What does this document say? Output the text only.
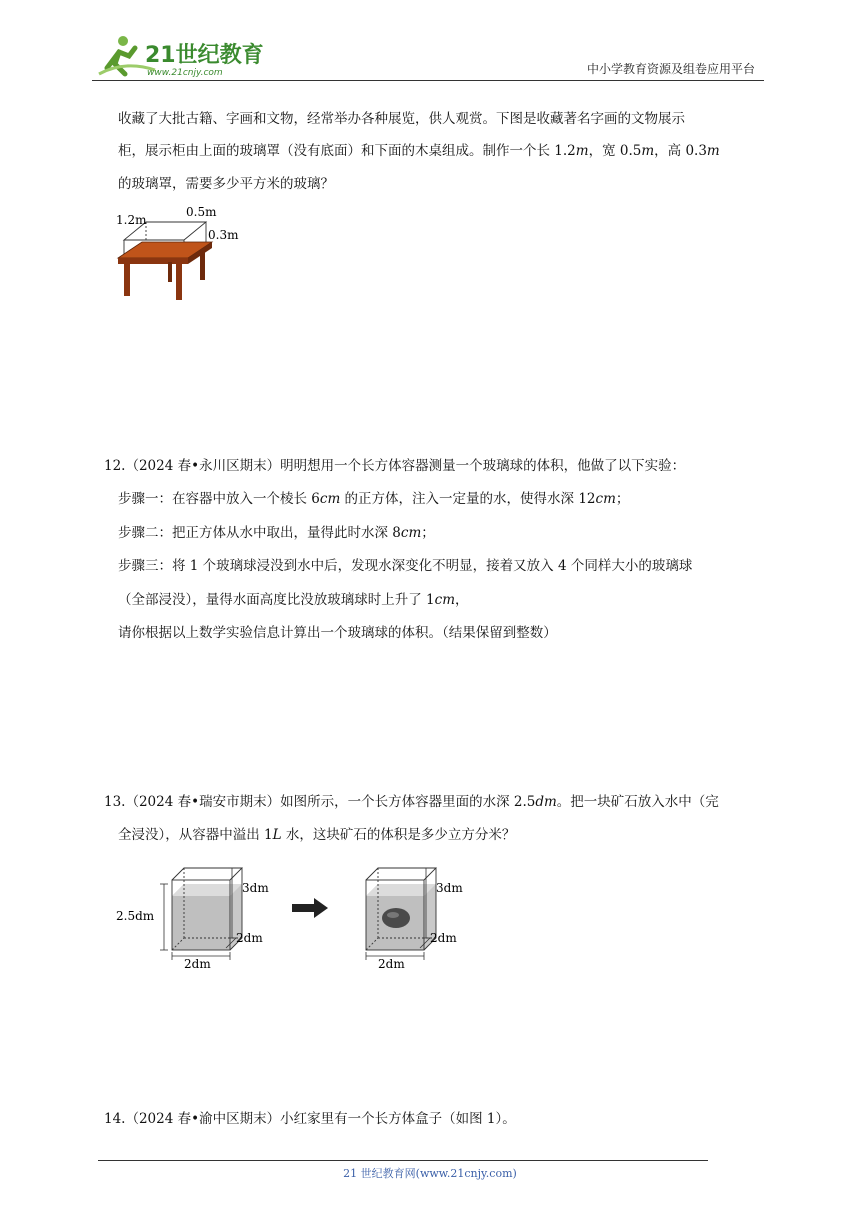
21世纪教育
www.21cnjy.com	中小学教育资源及组卷应用平台
收藏了大批古籍、字画和文物，经常举办各种展览，供人观赏。下图是收藏著名字画的文物展示
柜，展示柜由上面的玻璃罩（没有底面）和下面的木桌组成。制作一个长 1.2m，宽 0.5m，高 0.3m
的玻璃罩，需要多少平方米的玻璃？
1.2m
0.5m
0.3m
12.（2024 春•永川区期末）明明想用一个长方体容器测量一个玻璃球的体积，他做了以下实验：
步骤一：在容器中放入一个棱长 6cm 的正方体，注入一定量的水，使得水深 12cm；
步骤二：把正方体从水中取出，量得此时水深 8cm；
步骤三：将 1 个玻璃球浸没到水中后，发现水深变化不明显，接着又放入 4 个同样大小的玻璃球
（全部浸没），量得水面高度比没放玻璃球时上升了 1cm，
请你根据以上数学实验信息计算出一个玻璃球的体积。（结果保留到整数）
13.（2024 春•瑞安市期末）如图所示，一个长方体容器里面的水深 2.5dm。把一块矿石放入水中（完
全浸没），从容器中溢出 1L 水，这块矿石的体积是多少立方分米？
2.5dm
3dm
2dm
2dm
3dm
2dm
2dm
14.（2024 春•渝中区期末）小红家里有一个长方体盒子（如图 1）。
21 世纪教育网(www.21cnjy.com)
